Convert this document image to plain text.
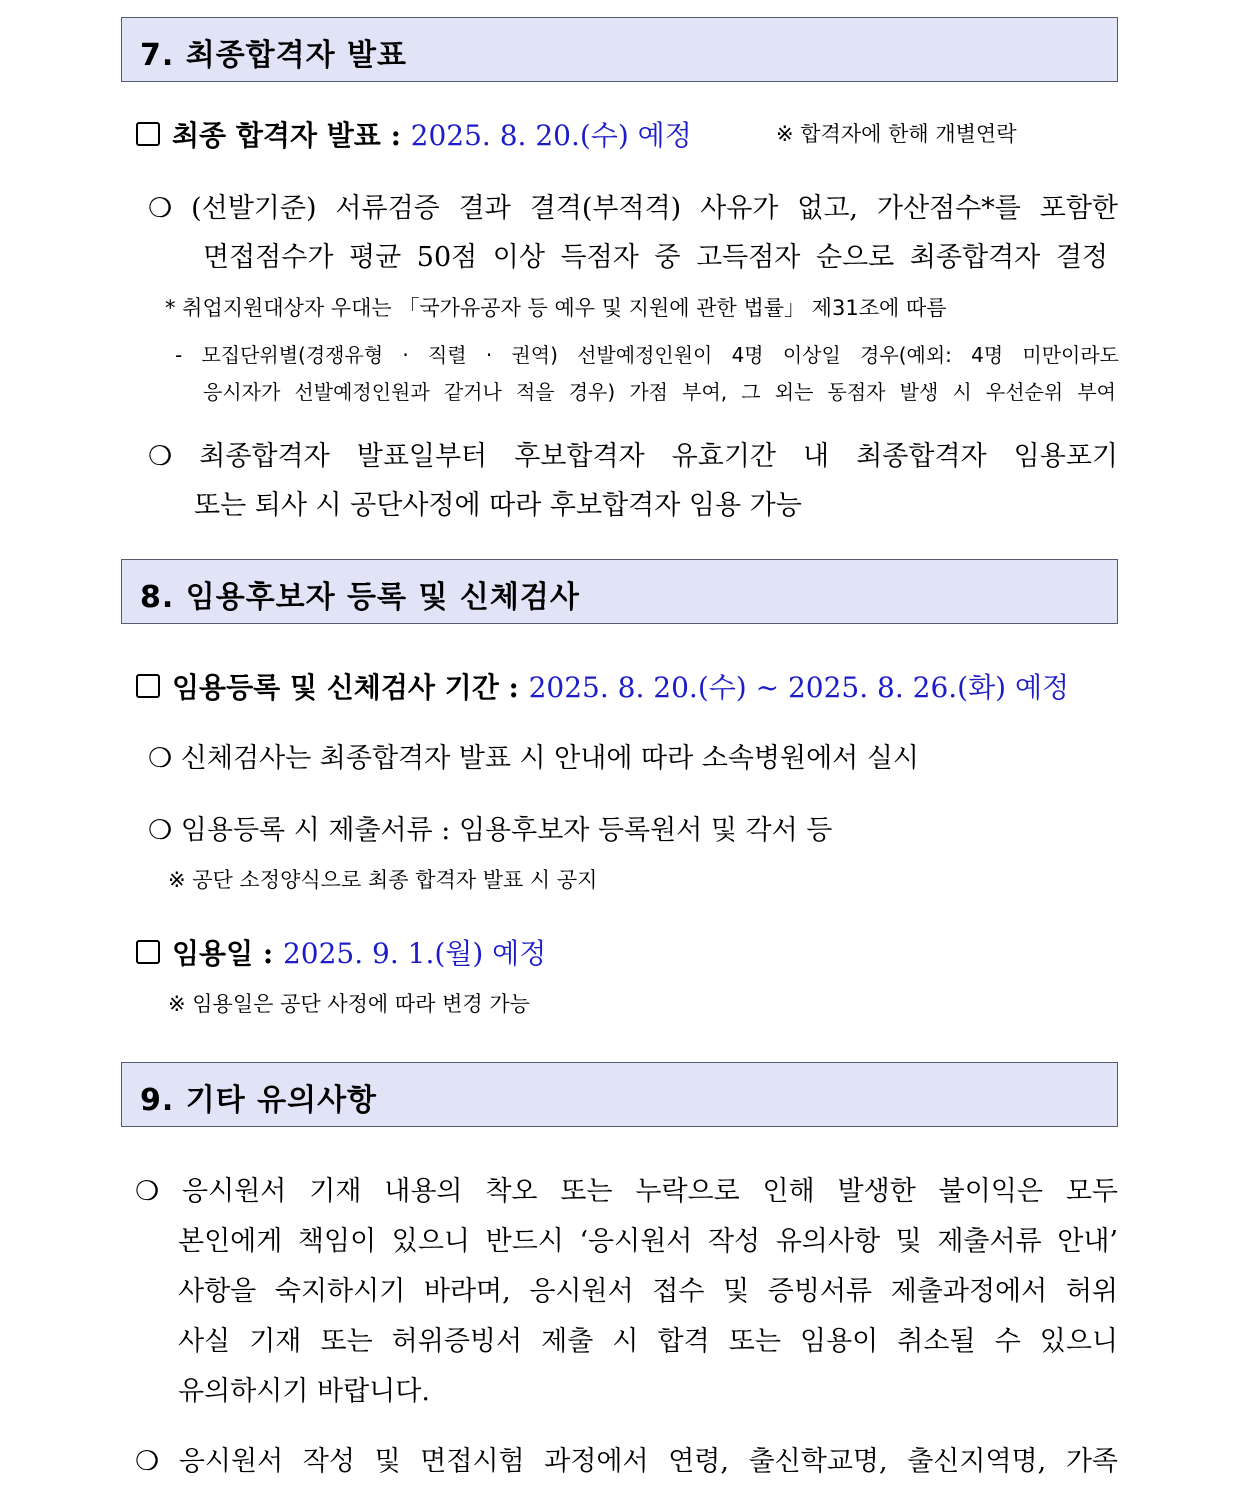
7. 최종합격자 발표
최종 합격자 발표 : 2025. 8. 20.(수) 예정	※ 합격자에 한해 개별연락
❍ (선발기준) 서류검증 결과 결격(부적격) 사유가 없고, 가산점수*를 포함한
면접점수가 평균 50점 이상 득점자 중 고득점자 순으로 최종합격자 결정
* 취업지원대상자 우대는 「국가유공자 등 예우 및 지원에 관한 법률」 제31조에 따름
- 모집단위별(경쟁유형 · 직렬 · 권역) 선발예정인원이 4명 이상일 경우(예외: 4명 미만이라도
응시자가 선발예정인원과 같거나 적을 경우) 가점 부여, 그 외는 동점자 발생 시 우선순위 부여
❍ 최종합격자 발표일부터 후보합격자 유효기간 내 최종합격자 임용포기
또는 퇴사 시 공단사정에 따라 후보합격자 임용 가능
8. 임용후보자 등록 및 신체검사
임용등록 및 신체검사 기간 : 2025. 8. 20.(수) ~ 2025. 8. 26.(화) 예정
❍ 신체검사는 최종합격자 발표 시 안내에 따라 소속병원에서 실시
❍ 임용등록 시 제출서류 : 임용후보자 등록원서 및 각서 등
※ 공단 소정양식으로 최종 합격자 발표 시 공지
임용일 : 2025. 9. 1.(월) 예정
※ 임용일은 공단 사정에 따라 변경 가능
9. 기타 유의사항
❍ 응시원서 기재 내용의 착오 또는 누락으로 인해 발생한 불이익은 모두
본인에게 책임이 있으니 반드시 ‘응시원서 작성 유의사항 및 제출서류 안내’
사항을 숙지하시기 바라며, 응시원서 접수 및 증빙서류 제출과정에서 허위
사실 기재 또는 허위증빙서 제출 시 합격 또는 임용이 취소될 수 있으니
유의하시기 바랍니다.
❍ 응시원서 작성 및 면접시험 과정에서 연령, 출신학교명, 출신지역명, 가족
